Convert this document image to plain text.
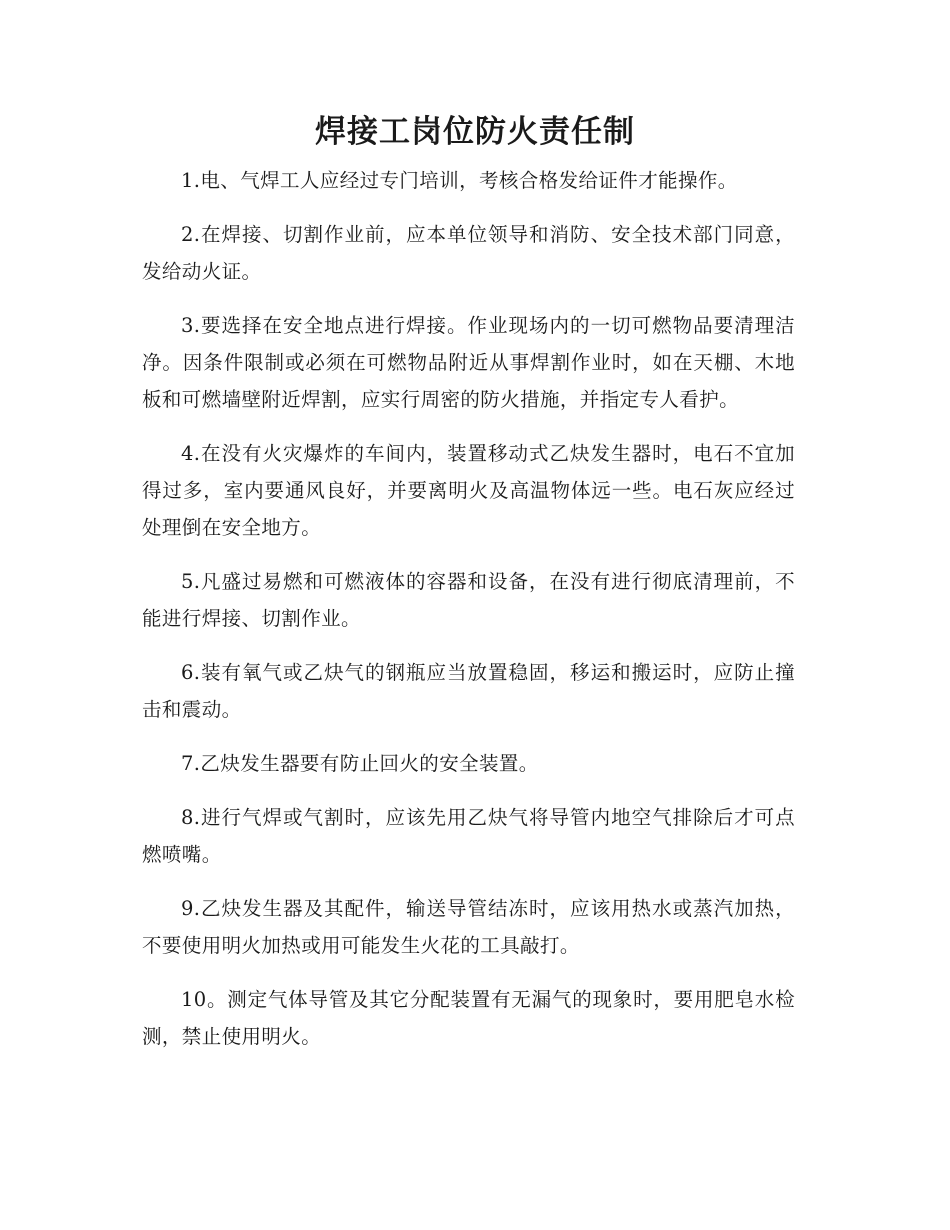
焊接工岗位防火责任制

1.电、气焊工人应经过专门培训，考核合格发给证件才能操作。

2.在焊接、切割作业前，应本单位领导和消防、安全技术部门同意，发给动火证。

3.要选择在安全地点进行焊接。作业现场内的一切可燃物品要清理洁净。因条件限制或必须在可燃物品附近从事焊割作业时，如在天棚、木地板和可燃墙壁附近焊割，应实行周密的防火措施，并指定专人看护。

4.在没有火灾爆炸的车间内，装置移动式乙炔发生器时，电石不宜加得过多，室内要通风良好，并要离明火及高温物体远一些。电石灰应经过处理倒在安全地方。

5.凡盛过易燃和可燃液体的容器和设备，在没有进行彻底清理前，不能进行焊接、切割作业。

6.装有氧气或乙炔气的钢瓶应当放置稳固，移运和搬运时，应防止撞击和震动。

7.乙炔发生器要有防止回火的安全装置。

8.进行气焊或气割时，应该先用乙炔气将导管内地空气排除后才可点燃喷嘴。

9.乙炔发生器及其配件，输送导管结冻时，应该用热水或蒸汽加热，不要使用明火加热或用可能发生火花的工具敲打。

10。测定气体导管及其它分配装置有无漏气的现象时，要用肥皂水检测，禁止使用明火。
